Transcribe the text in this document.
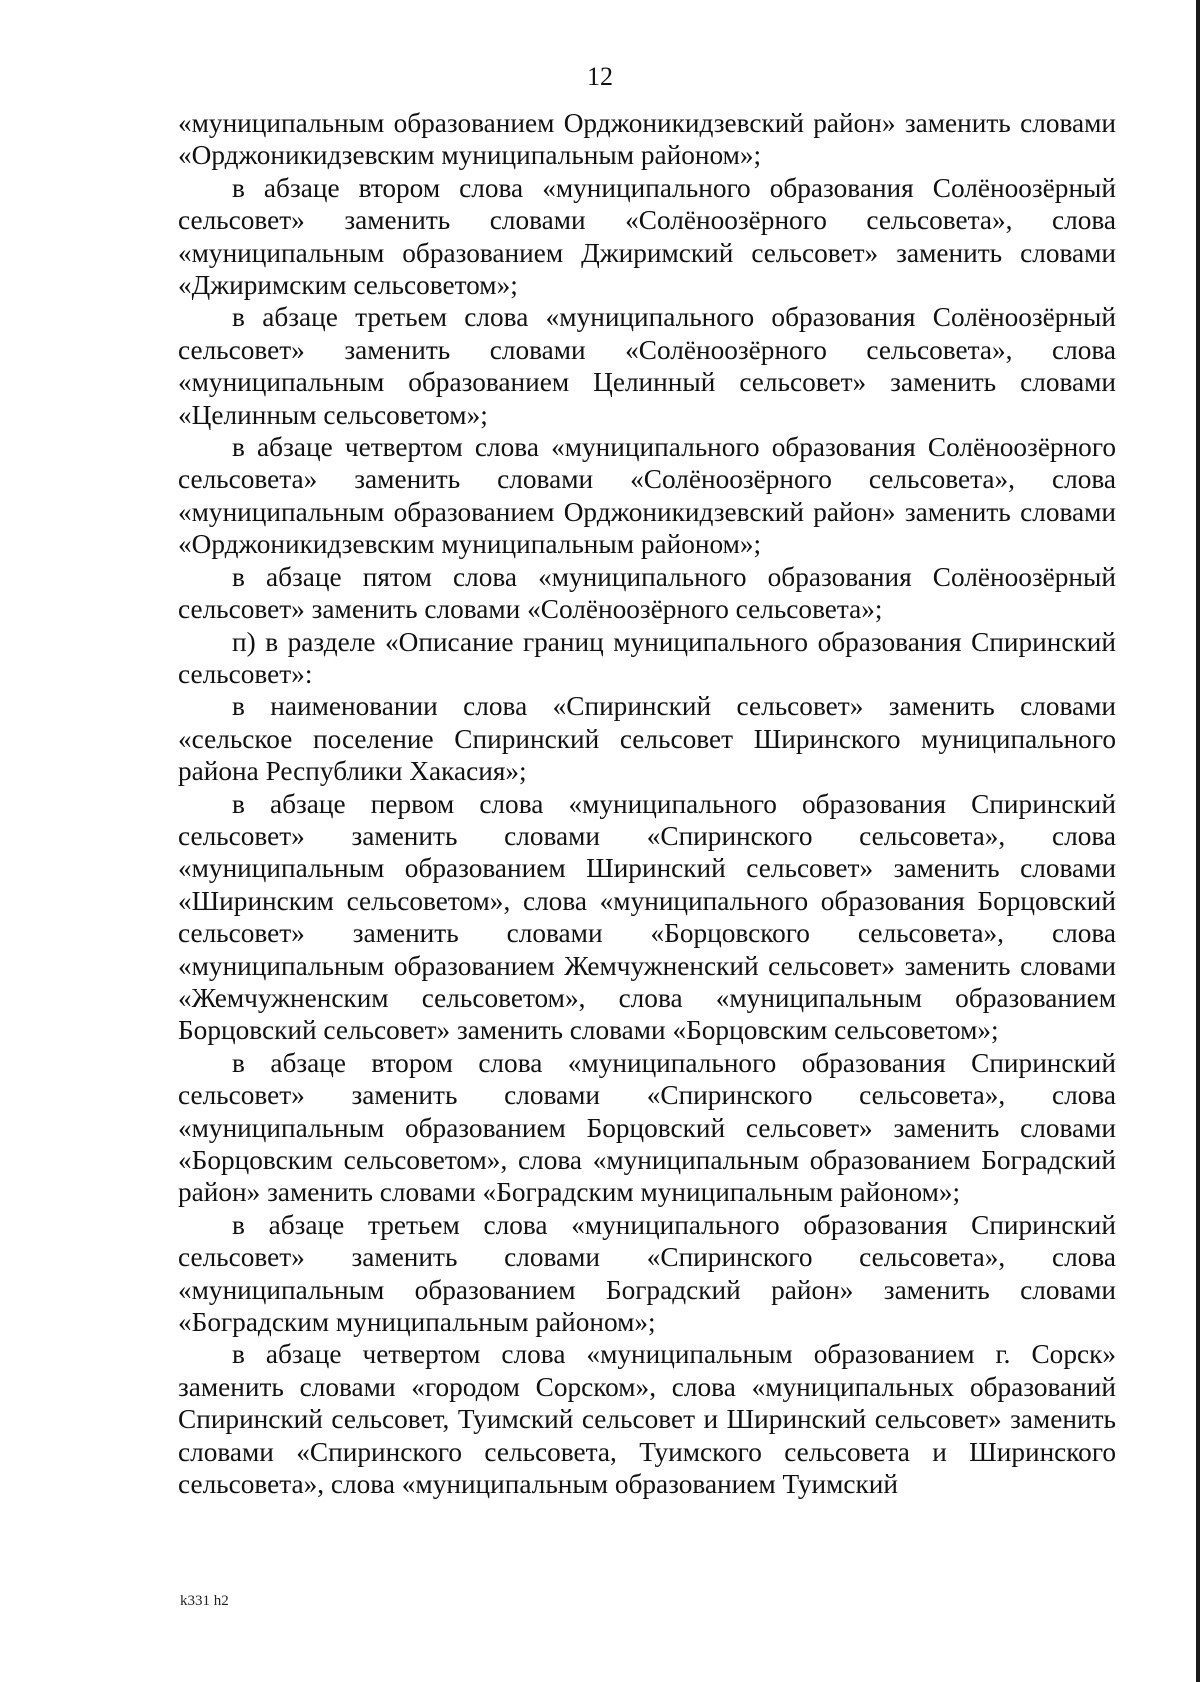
12

«муниципальным образованием Орджоникидзевский район» заменить словами «Орджоникидзевским муниципальным районом»;

в абзаце втором слова «муниципального образования Солёноозёрный сельсовет» заменить словами «Солёноозёрного сельсовета», слова «муниципальным образованием Джиримский сельсовет» заменить словами «Джиримским сельсоветом»;

в абзаце третьем слова «муниципального образования Солёноозёрный сельсовет» заменить словами «Солёноозёрного сельсовета», слова «муниципальным образованием Целинный сельсовет» заменить словами «Целинным сельсоветом»;

в абзаце четвертом слова «муниципального образования Солёноозёрного сельсовета» заменить словами «Солёноозёрного сельсовета», слова «муниципальным образованием Орджоникидзевский район» заменить словами «Орджоникидзевским муниципальным районом»;

в абзаце пятом слова «муниципального образования Солёноозёрный сельсовет» заменить словами «Солёноозёрного сельсовета»;

п) в разделе «Описание границ муниципального образования Спиринский сельсовет»:

в наименовании слова «Спиринский сельсовет» заменить словами «сельское поселение Спиринский сельсовет Ширинского муниципального района Республики Хакасия»;

в абзаце первом слова «муниципального образования Спиринский сельсовет» заменить словами «Спиринского сельсовета», слова «муниципальным образованием Ширинский сельсовет» заменить словами «Ширинским сельсоветом», слова «муниципального образования Борцовский сельсовет» заменить словами «Борцовского сельсовета», слова «муниципальным образованием Жемчужненский сельсовет» заменить словами «Жемчужненским сельсоветом», слова «муниципальным образованием Борцовский сельсовет» заменить словами «Борцовским сельсоветом»;

в абзаце втором слова «муниципального образования Спиринский сельсовет» заменить словами «Спиринского сельсовета», слова «муниципальным образованием Борцовский сельсовет» заменить словами «Борцовским сельсоветом», слова «муниципальным образованием Боградский район» заменить словами «Боградским муниципальным районом»;

в абзаце третьем слова «муниципального образования Спиринский сельсовет» заменить словами «Спиринского сельсовета», слова «муниципальным образованием Боградский район» заменить словами «Боградским муниципальным районом»;

в абзаце четвертом слова «муниципальным образованием г. Сорск» заменить словами «городом Сорском», слова «муниципальных образований Спиринский сельсовет, Туимский сельсовет и Ширинский сельсовет» заменить словами «Спиринского сельсовета, Туимского сельсовета и Ширинского сельсовета», слова «муниципальным образованием Туимский

k331 h2
